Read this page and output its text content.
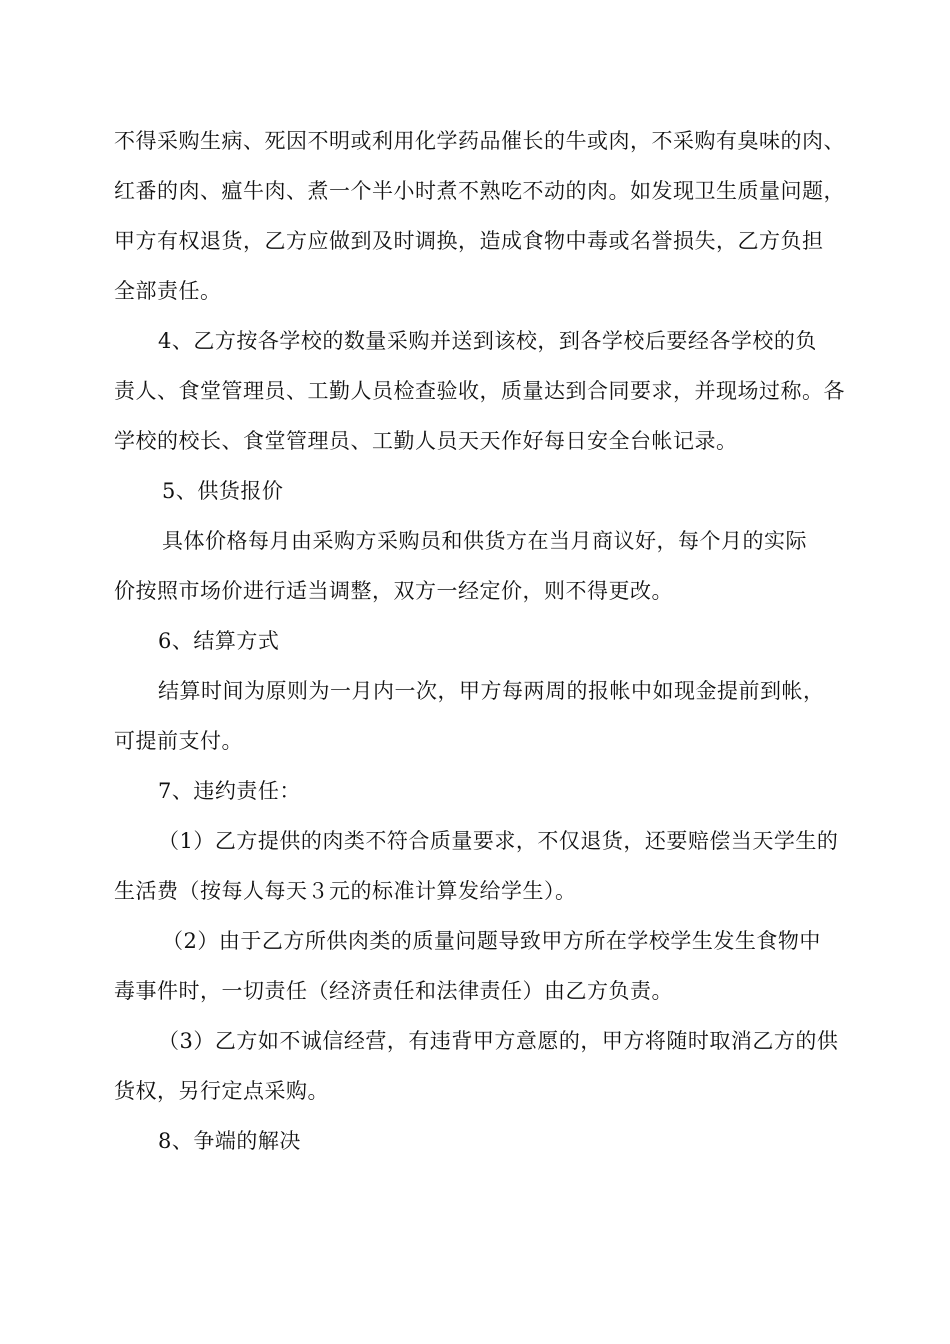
不得采购生病、死因不明或利用化学药品催长的牛或肉，不采购有臭味的肉、
红番的肉、瘟牛肉、煮一个半小时煮不熟吃不动的肉。如发现卫生质量问题，
甲方有权退货，乙方应做到及时调换，造成食物中毒或名誉损失，乙方负担
全部责任。
4、乙方按各学校的数量采购并送到该校，到各学校后要经各学校的负
责人、食堂管理员、工勤人员检查验收，质量达到合同要求，并现场过称。各
学校的校长、食堂管理员、工勤人员天天作好每日安全台帐记录。
5、供货报价
具体价格每月由采购方采购员和供货方在当月商议好，每个月的实际
价按照市场价进行适当调整，双方一经定价，则不得更改。
6、结算方式
结算时间为原则为一月内一次，甲方每两周的报帐中如现金提前到帐，
可提前支付。
7、违约责任：
（1）乙方提供的肉类不符合质量要求，不仅退货，还要赔偿当天学生的
生活费（按每人每天３元的标准计算发给学生）。
（2）由于乙方所供肉类的质量问题导致甲方所在学校学生发生食物中
毒事件时，一切责任（经济责任和法律责任）由乙方负责。
（3）乙方如不诚信经营，有违背甲方意愿的，甲方将随时取消乙方的供
货权，另行定点采购。
8、争端的解决
